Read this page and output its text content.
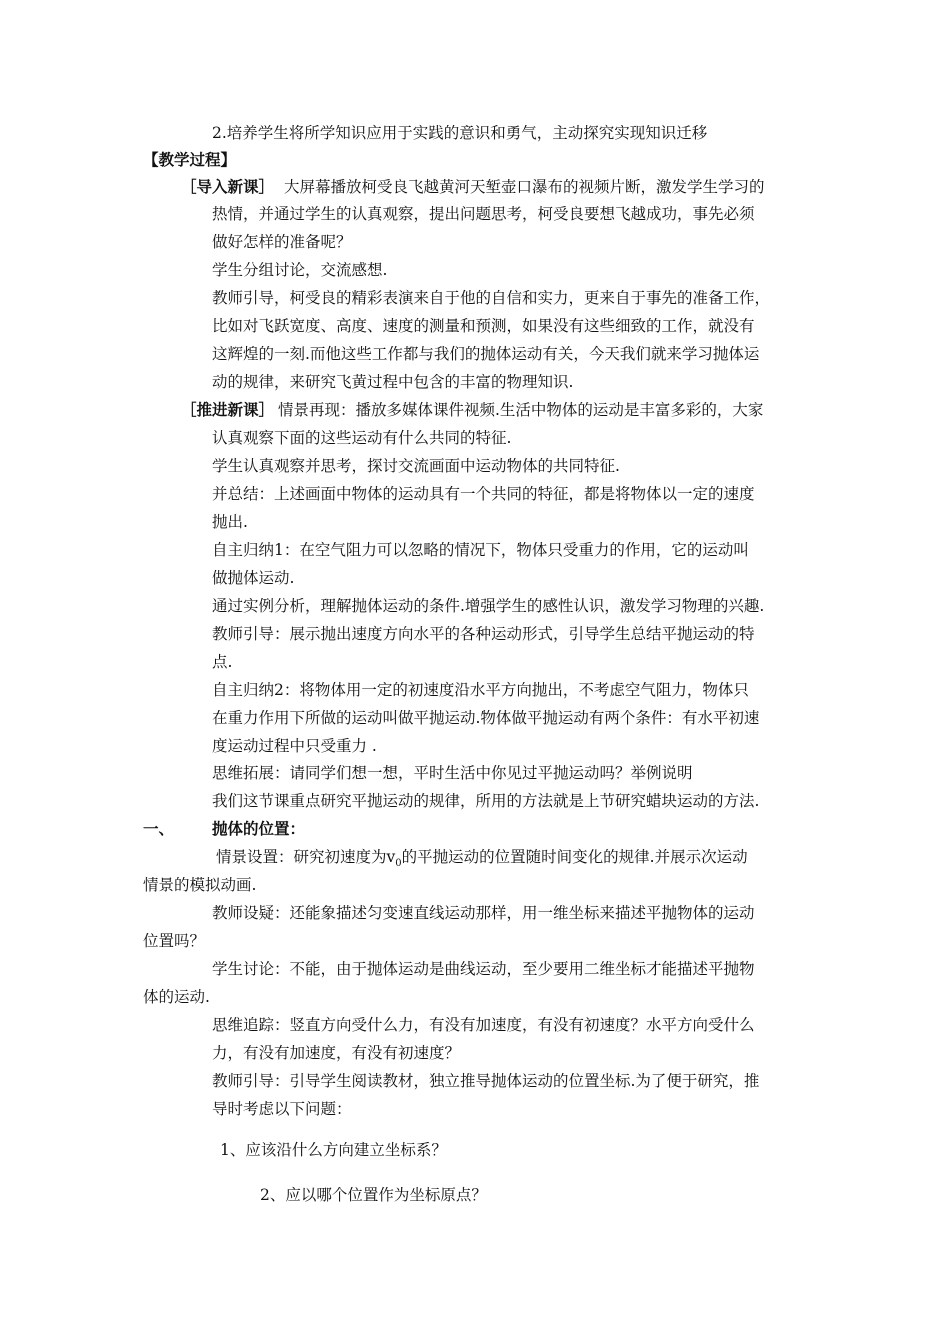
2.培养学生将所学知识应用于实践的意识和勇气，主动探究实现知识迁移
【教学过程】
［导入新课］ 大屏幕播放柯受良飞越黄河天堑壶口瀑布的视频片断，激发学生学习的
热情，并通过学生的认真观察，提出问题思考，柯受良要想飞越成功，事先必须
做好怎样的准备呢？
学生分组讨论，交流感想.
教师引导，柯受良的精彩表演来自于他的自信和实力，更来自于事先的准备工作，
比如对飞跃宽度、高度、速度的测量和预测，如果没有这些细致的工作，就没有
这辉煌的一刻.而他这些工作都与我们的抛体运动有关，今天我们就来学习抛体运
动的规律，来研究飞黄过程中包含的丰富的物理知识.
［推进新课］ 情景再现：播放多媒体课件视频.生活中物体的运动是丰富多彩的，大家
认真观察下面的这些运动有什么共同的特征.
学生认真观察并思考，探讨交流画面中运动物体的共同特征.
并总结：上述画面中物体的运动具有一个共同的特征，都是将物体以一定的速度
抛出.
自主归纳1：在空气阻力可以忽略的情况下，物体只受重力的作用，它的运动叫
做抛体运动.
通过实例分析，理解抛体运动的条件.增强学生的感性认识，激发学习物理的兴趣.
教师引导：展示抛出速度方向水平的各种运动形式，引导学生总结平抛运动的特
点.
自主归纳2：将物体用一定的初速度沿水平方向抛出，不考虑空气阻力，物体只
在重力作用下所做的运动叫做平抛运动.物体做平抛运动有两个条件：有水平初速
度运动过程中只受重力 .
思维拓展：请同学们想一想，平时生活中你见过平抛运动吗？举例说明
我们这节课重点研究平抛运动的规律，所用的方法就是上节研究蜡块运动的方法.
一、 抛体的位置：
情景设置：研究初速度为$v_0$的平抛运动的位置随时间变化的规律.并展示次运动
情景的模拟动画.
教师设疑：还能象描述匀变速直线运动那样，用一维坐标来描述平抛物体的运动
位置吗？
学生讨论：不能，由于抛体运动是曲线运动，至少要用二维坐标才能描述平抛物
体的运动.
思维追踪：竖直方向受什么力，有没有加速度，有没有初速度？水平方向受什么
力，有没有加速度，有没有初速度？
教师引导：引导学生阅读教材，独立推导抛体运动的位置坐标.为了便于研究，推
导时考虑以下问题：
1、应该沿什么方向建立坐标系？
2、应以哪个位置作为坐标原点？
